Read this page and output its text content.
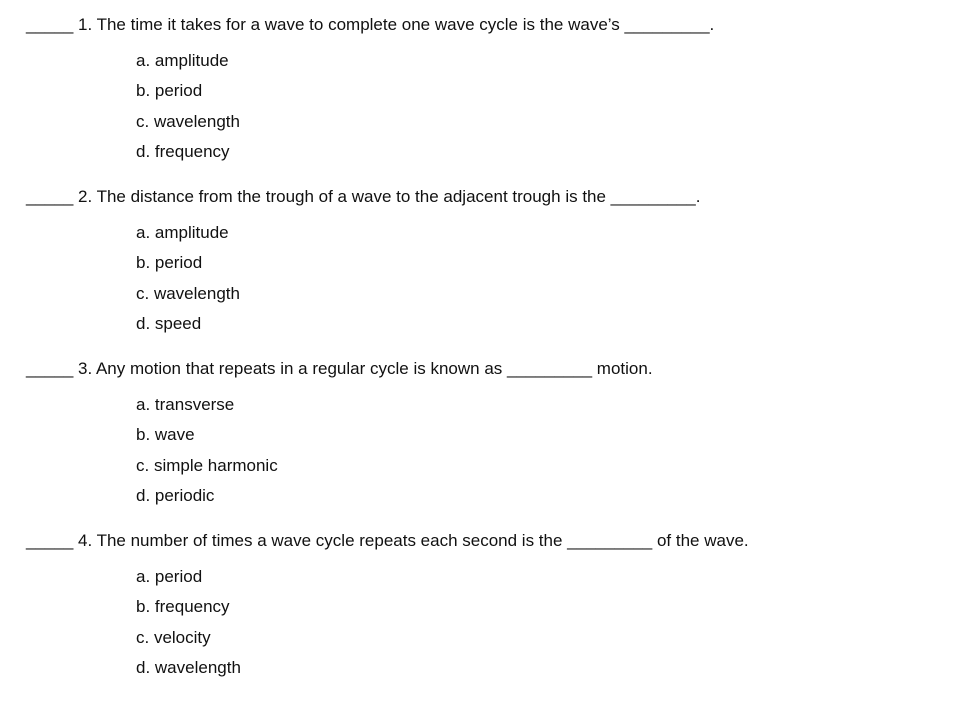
_____ 1. The time it takes for a wave to complete one wave cycle is the wave’s _________.
a. amplitude
b. period
c. wavelength
d. frequency
_____ 2. The distance from the trough of a wave to the adjacent trough is the _________.
a. amplitude
b. period
c. wavelength
d. speed
_____ 3. Any motion that repeats in a regular cycle is known as _________ motion.
a. transverse
b. wave
c. simple harmonic
d. periodic
_____ 4. The number of times a wave cycle repeats each second is the _________ of the wave.
a. period
b. frequency
c. velocity
d. wavelength
